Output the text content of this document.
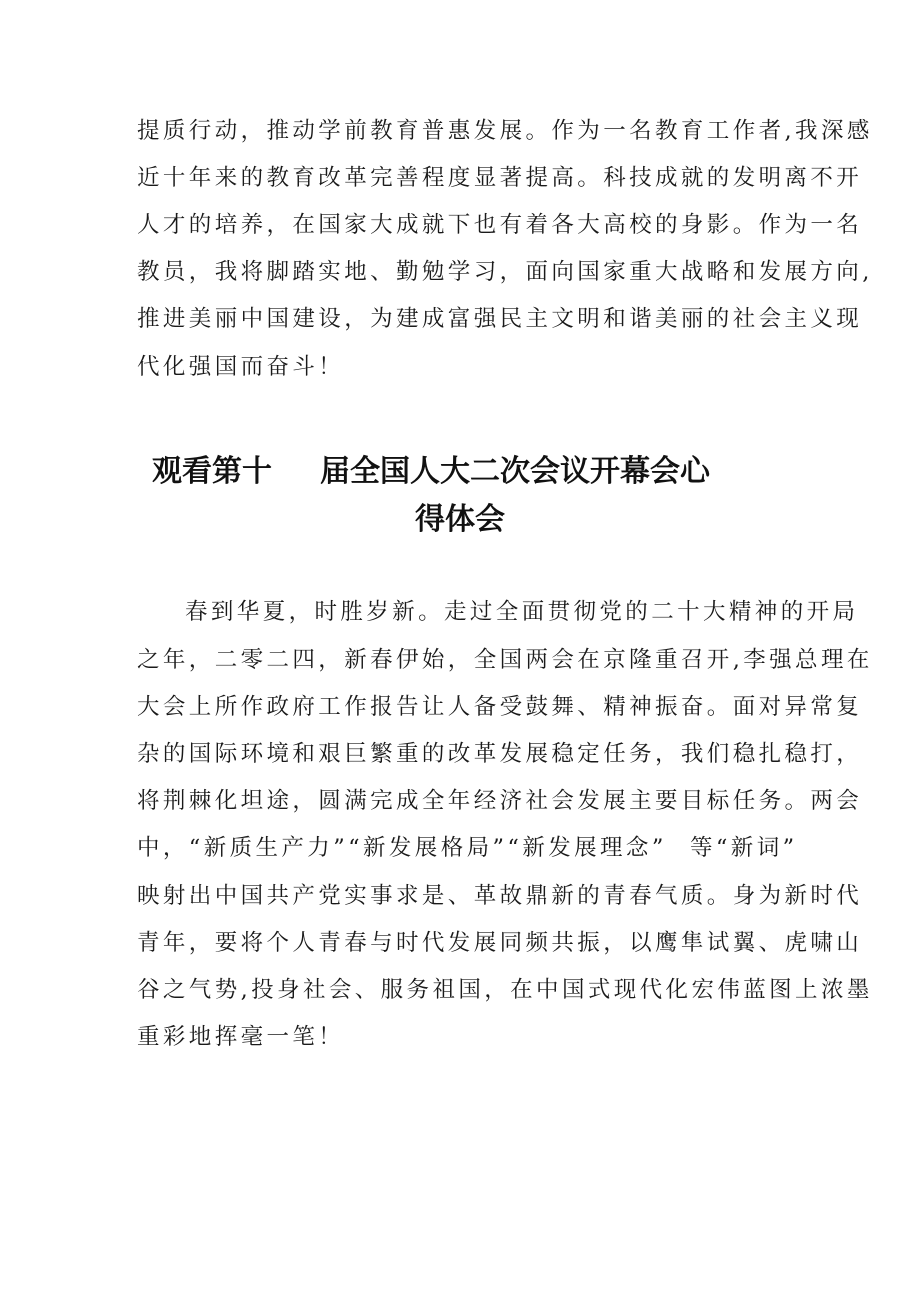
提质行动，推动学前教育普惠发展。作为一名教育工作者,我深感

近十年来的教育改革完善程度显著提高。科技成就的发明离不开

人才的培养，在国家大成就下也有着各大高校的身影。作为一名

教员，我将脚踏实地、勤勉学习，面向国家重大战略和发展方向,

推进美丽中国建设，为建成富强民主文明和谐美丽的社会主义现

代化强国而奋斗！

观看第十 届全国人大二次会议开幕会心
得体会

春到华夏，时胜岁新。走过全面贯彻党的二十大精神的开局

之年，二零二四，新春伊始，全国两会在京隆重召开,李强总理在

大会上所作政府工作报告让人备受鼓舞、精神振奋。面对异常复

杂的国际环境和艰巨繁重的改革发展稳定任务，我们稳扎稳打，

将荆棘化坦途，圆满完成全年经济社会发展主要目标任务。两会

中，“新质生产力”“新发展格局”“新发展理念” 等“新词”

映射出中国共产党实事求是、革故鼎新的青春气质。身为新时代

青年，要将个人青春与时代发展同频共振，以鹰隼试翼、虎啸山

谷之气势,投身社会、服务祖国，在中国式现代化宏伟蓝图上浓墨

重彩地挥毫一笔！
